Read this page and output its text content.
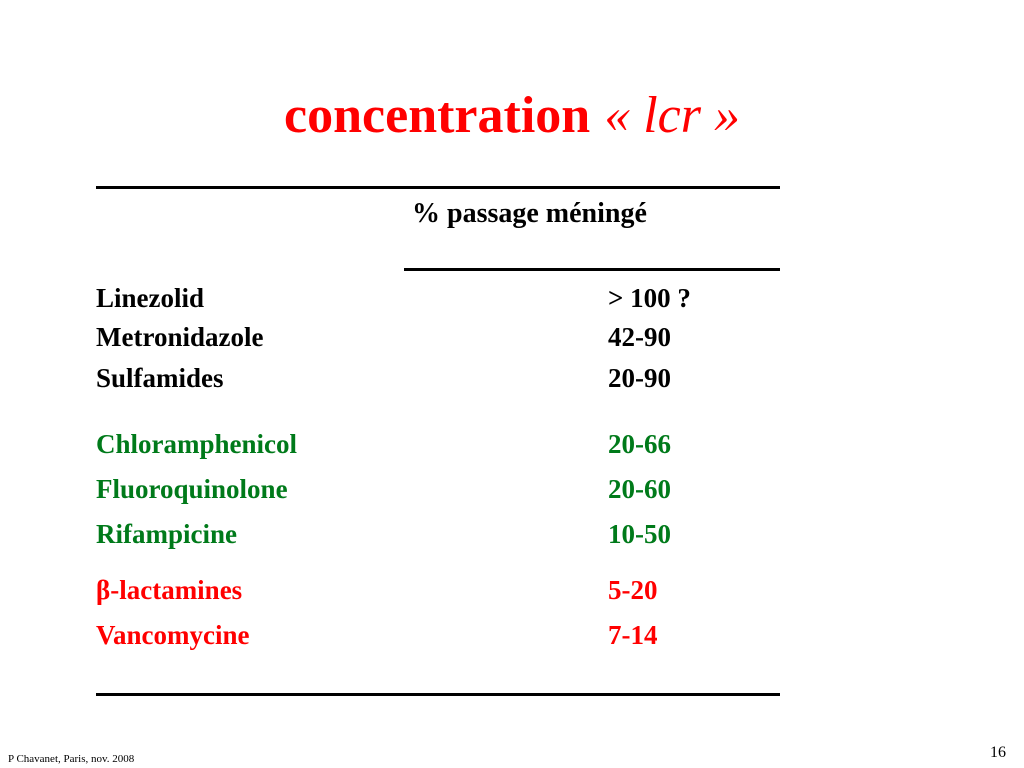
concentration « lcr »
% passage méningé
Linezolid	> 100 ?
Metronidazole	42-90
Sulfamides	20-90
Chloramphenicol	20-66
Fluoroquinolone	20-60
Rifampicine	10-50
β-lactamines	5-20
Vancomycine	7-14
P Chavanet, Paris, nov. 2008	16
